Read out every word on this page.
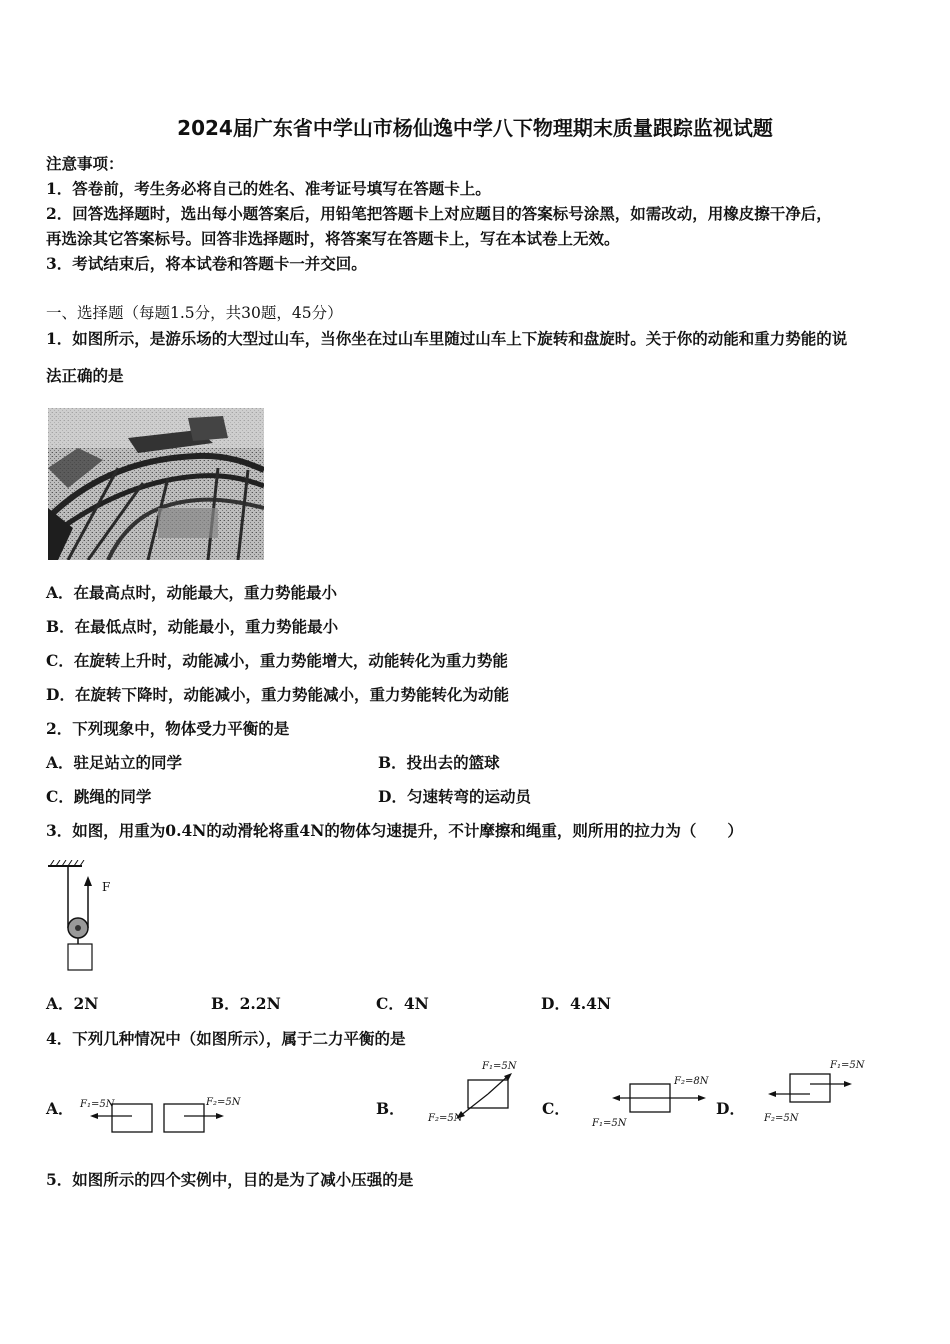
2024届广东省中学山市杨仙逸中学八下物理期末质量跟踪监视试题
注意事项：
1．答卷前，考生务必将自己的姓名、准考证号填写在答题卡上。
2．回答选择题时，选出每小题答案后，用铅笔把答题卡上对应题目的答案标号涂黑，如需改动，用橡皮擦干净后，
再选涂其它答案标号。回答非选择题时，将答案写在答题卡上，写在本试卷上无效。
3．考试结束后，将本试卷和答题卡一并交回。
一、选择题（每题1.5分，共30题，45分）
1．如图所示，是游乐场的大型过山车，当你坐在过山车里随过山车上下旋转和盘旋时。关于你的动能和重力势能的说
法正确的是
A．在最高点时，动能最大，重力势能最小
B．在最低点时，动能最小，重力势能最小
C．在旋转上升时，动能减小，重力势能增大，动能转化为重力势能
D．在旋转下降时，动能减小，重力势能减小，重力势能转化为动能
2．下列现象中，物体受力平衡的是
A．驻足站立的同学	B．投出去的篮球
C．跳绳的同学	D．匀速转弯的运动员
3．如图，用重为0.4N的动滑轮将重4N的物体匀速提升，不计摩擦和绳重，则所用的拉力为（　　）
F
A．2N	B．2.2N	C．4N	D．4.4N
4．下列几种情况中（如图所示），属于二力平衡的是
A． F₁=5N	F₂=5N	B．
F₁=5N
F₂=5N
C．
F₁=5N
F₂=8N
D．
F₁=5N
F₂=5N
5．如图所示的四个实例中，目的是为了减小压强的是
